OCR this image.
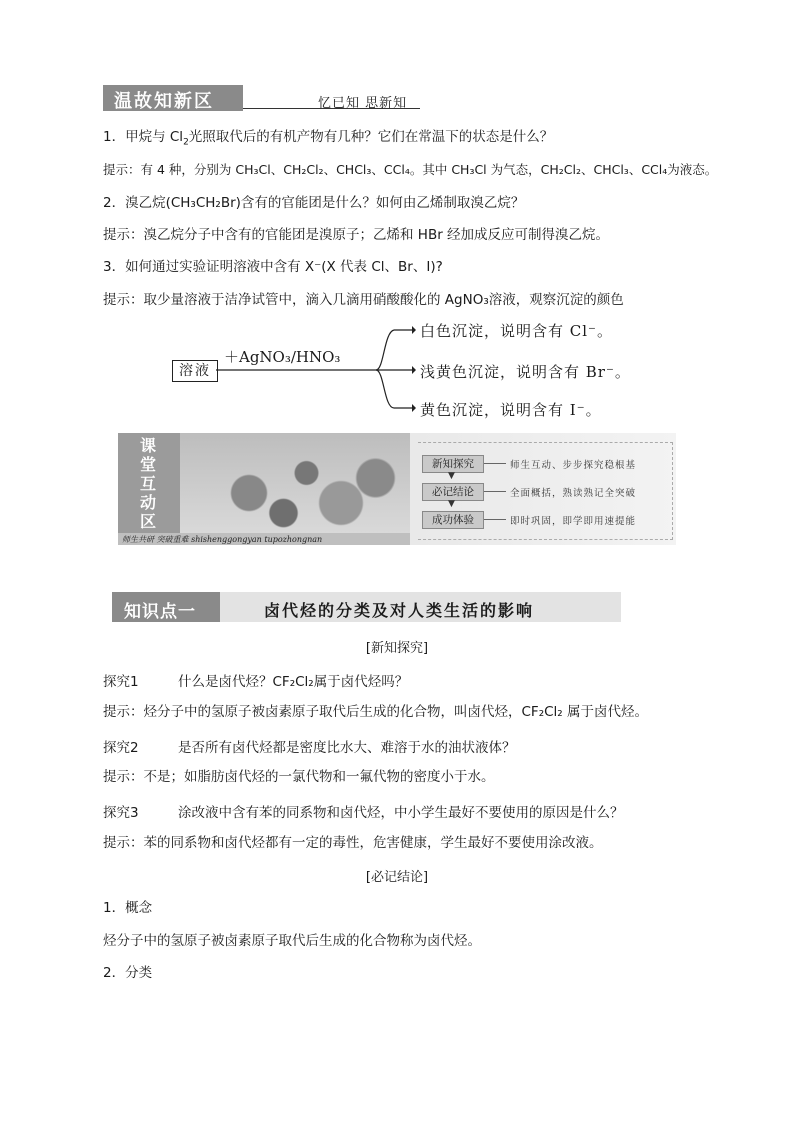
温故知新区	忆已知 思新知
1．甲烷与 $Cl_2$光照取代后的有机产物有几种？它们在常温下的状态是什么？
提示：有 4 种，分别为 CH₃Cl、CH₂Cl₂、CHCl₃、CCl₄。其中 CH₃Cl 为气态，CH₂Cl₂、CHCl₃、CCl₄为液态。
2．溴乙烷(CH₃CH₂Br)含有的官能团是什么？如何由乙烯制取溴乙烷？
提示：溴乙烷分子中含有的官能团是溴原子；乙烯和 HBr 经加成反应可制得溴乙烷。
3．如何通过实验证明溶液中含有 X⁻(X 代表 Cl、Br、I)?
提示：取少量溶液于洁净试管中，滴入几滴用硝酸酸化的 AgNO₃溶液，观察沉淀的颜色
溶液
＋AgNO₃/HNO₃
白色沉淀，说明含有 Cl⁻。
浅黄色沉淀，说明含有 Br⁻。
黄色沉淀，说明含有 I⁻。
课
堂
互
动
区
师生共研 突破重难 shishenggongyan tupozhongnan
新知探究	师生互动、步步探究稳根基
▼
必记结论	全面概括，熟读熟记全突破
▼
成功体验	即时巩固，即学即用速提能
知识点一	卤代烃的分类及对人类生活的影响
[新知探究]
探究1	什么是卤代烃？CF₂Cl₂属于卤代烃吗？
提示：烃分子中的氢原子被卤素原子取代后生成的化合物，叫卤代烃，CF₂Cl₂ 属于卤代烃。
探究2	是否所有卤代烃都是密度比水大、难溶于水的油状液体？
提示：不是；如脂肪卤代烃的一氯代物和一氟代物的密度小于水。
探究3	涂改液中含有苯的同系物和卤代烃，中小学生最好不要使用的原因是什么？
提示：苯的同系物和卤代烃都有一定的毒性，危害健康，学生最好不要使用涂改液。
[必记结论]
1．概念
烃分子中的氢原子被卤素原子取代后生成的化合物称为卤代烃。
2．分类
